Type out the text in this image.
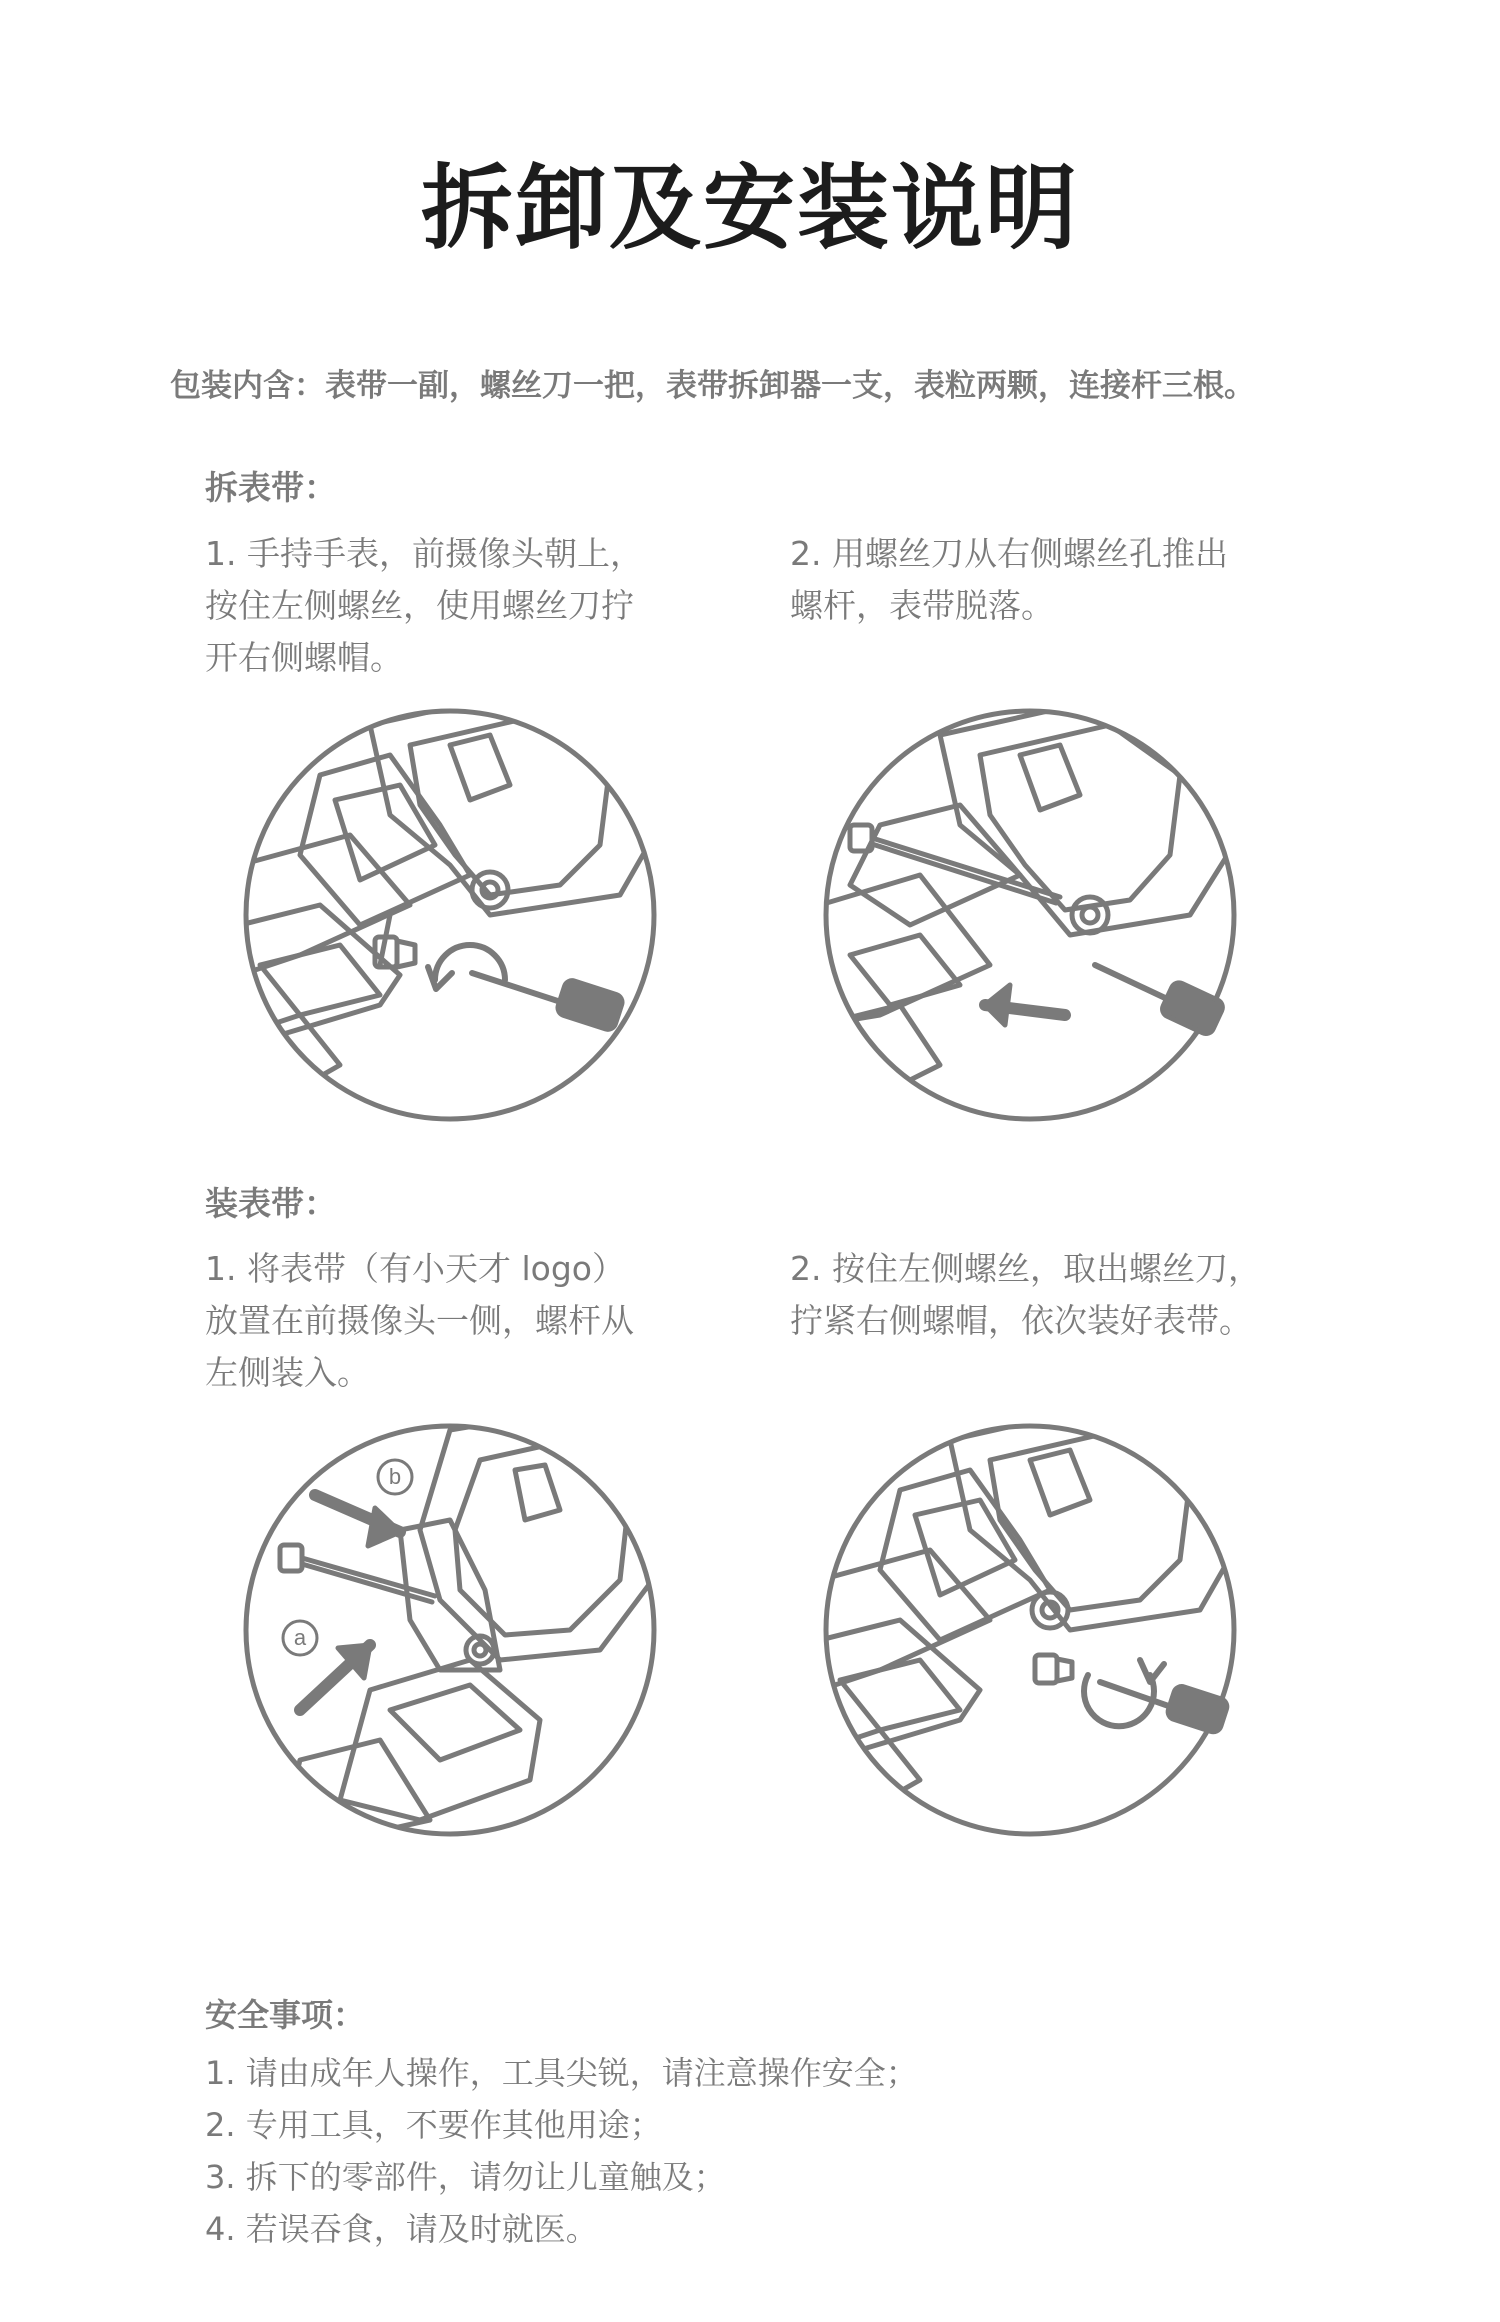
拆卸及安装说明
包装内含：表带一副，螺丝刀一把，表带拆卸器一支，表粒两颗，连接杆三根。
拆表带：
1. 手持手表，前摄像头朝上，
按住左侧螺丝，使用螺丝刀拧
开右侧螺帽。
2. 用螺丝刀从右侧螺丝孔推出
螺杆，表带脱落。
装表带：
1. 将表带（有小天才 logo）
放置在前摄像头一侧，螺杆从
左侧装入。
2. 按住左侧螺丝，取出螺丝刀，
拧紧右侧螺帽，依次装好表带。
b
a
安全事项：
1. 请由成年人操作，工具尖锐，请注意操作安全；
2. 专用工具，不要作其他用途；
3. 拆下的零部件，请勿让儿童触及；
4. 若误吞食，请及时就医。
